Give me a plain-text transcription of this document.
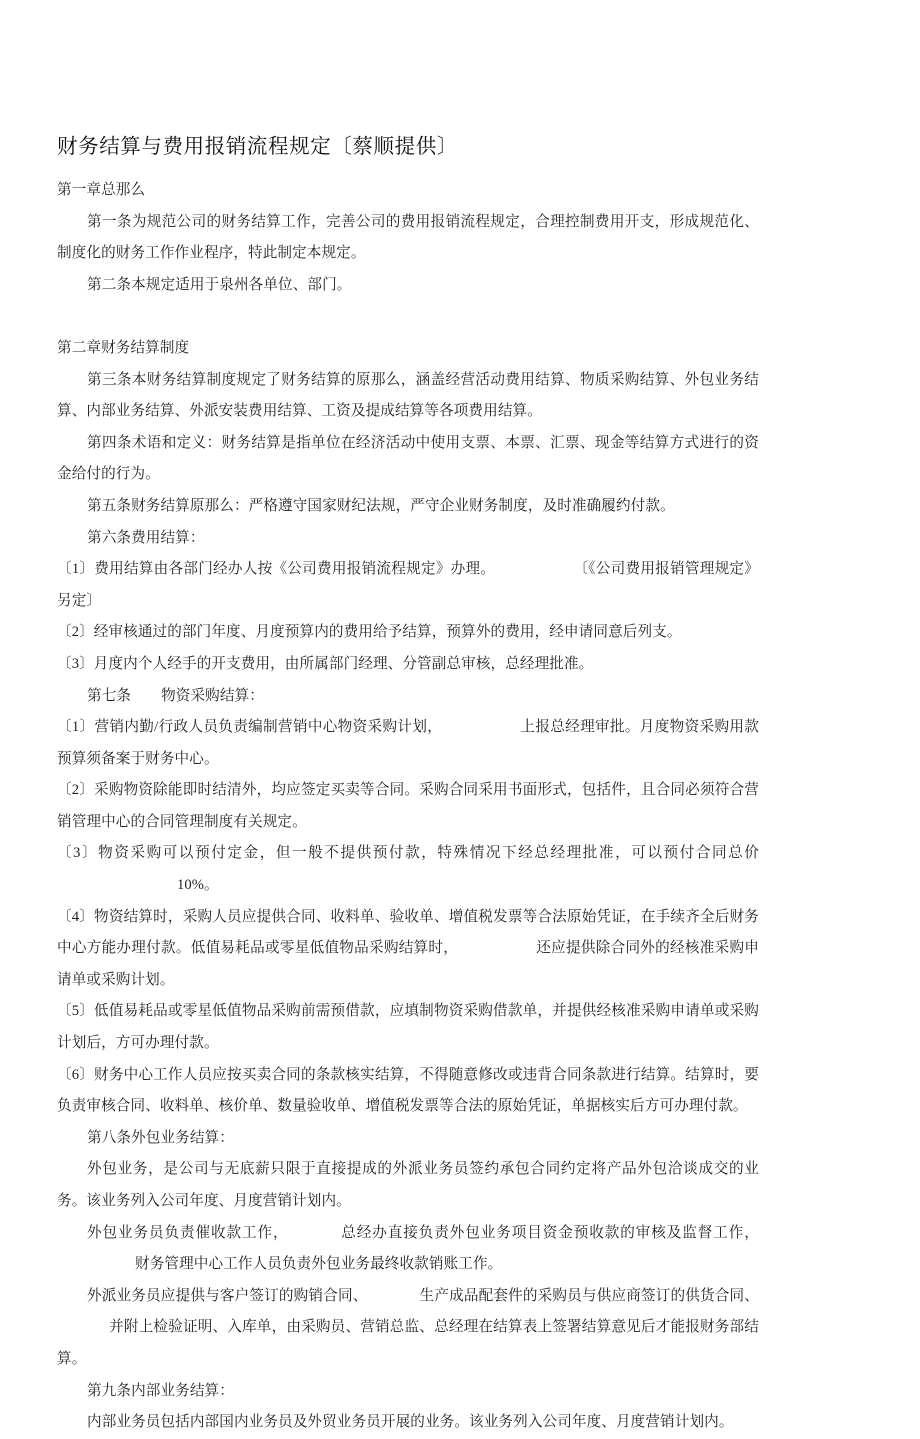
财务结算与费用报销流程规定〔蔡顺提供〕

第一章总那么

第一条为规范公司的财务结算工作，完善公司的费用报销流程规定，合理控制费用开支，形成规范化、制度化的财务工作作业程序，特此制定本规定。

第二条本规定适用于泉州各单位、部门。

第二章财务结算制度

第三条本财务结算制度规定了财务结算的原那么，涵盖经营活动费用结算、物质采购结算、外包业务结算、内部业务结算、外派安装费用结算、工资及提成结算等各项费用结算。

第四条术语和定义：财务结算是指单位在经济活动中使用支票、本票、汇票、现金等结算方式进行的资金给付的行为。

第五条财务结算原那么：严格遵守国家财纪法规，严守企业财务制度，及时准确履约付款。

第六条费用结算：

〔1〕费用结算由各部门经办人按《公司费用报销流程规定》办理。	〔《公司费用报销管理规定》另定〕

〔2〕经审核通过的部门年度、月度预算内的费用给予结算，预算外的费用，经申请同意后列支。

〔3〕月度内个人经手的开支费用，由所属部门经理、分管副总审核，总经理批准。

第七条 物资采购结算：

〔1〕营销内勤/行政人员负责编制营销中心物资采购计划，	上报总经理审批。月度物资采购用款预算须备案于财务中心。

〔2〕采购物资除能即时结清外，均应签定买卖等合同。采购合同采用书面形式，包括件，且合同必须符合营销管理中心的合同管理制度有关规定。

〔3〕物资采购可以预付定金，但一般不提供预付款，特殊情况下经总经理批准，可以预付合同总价10%。

〔4〕物资结算时，采购人员应提供合同、收料单、验收单、增值税发票等合法原始凭证，在手续齐全后财务中心方能办理付款。低值易耗品或零星低值物品采购结算时，	还应提供除合同外的经核准采购申请单或采购计划。

〔5〕低值易耗品或零星低值物品采购前需预借款，应填制物资采购借款单，并提供经核准采购申请单或采购计划后，方可办理付款。

〔6〕财务中心工作人员应按买卖合同的条款核实结算，不得随意修改或违背合同条款进行结算。结算时，要负责审核合同、收料单、核价单、数量验收单、增值税发票等合法的原始凭证，单据核实后方可办理付款。

第八条外包业务结算：

外包业务，是公司与无底薪只限于直接提成的外派业务员签约承包合同约定将产品外包洽谈成交的业务。该业务列入公司年度、月度营销计划内。

外包业务员负责催收款工作，	总经办直接负责外包业务项目资金预收款的审核及监督工作，财务管理中心工作人员负责外包业务最终收款销账工作。

外派业务员应提供与客户签订的购销合同、	生产成品配套件的采购员与供应商签订的供货合同、并附上检验证明、入库单，由采购员、营销总监、总经理在结算表上签署结算意见后才能报财务部结算。

第九条内部业务结算：

内部业务员包括内部国内业务员及外贸业务员开展的业务。该业务列入公司年度、月度营销计划内。
